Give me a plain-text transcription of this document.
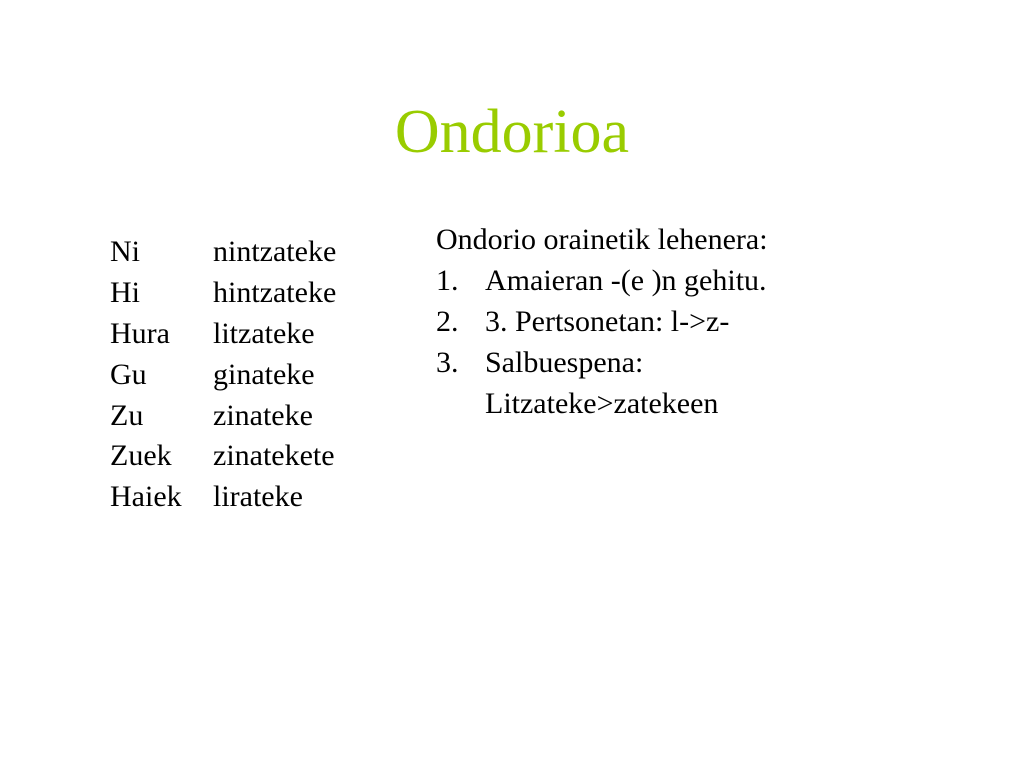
Ondorioa
Ni	nintzateke
Hi	hintzateke
Hura	litzateke
Gu	ginateke
Zu	zinateke
Zuek	zinatekete
Haiek	lirateke
Ondorio orainetik lehenera:
1. Amaieran -(e )n gehitu.
2. 3. Pertsonetan: l->z-
3. Salbuespena:
Litzateke>zatekeen
